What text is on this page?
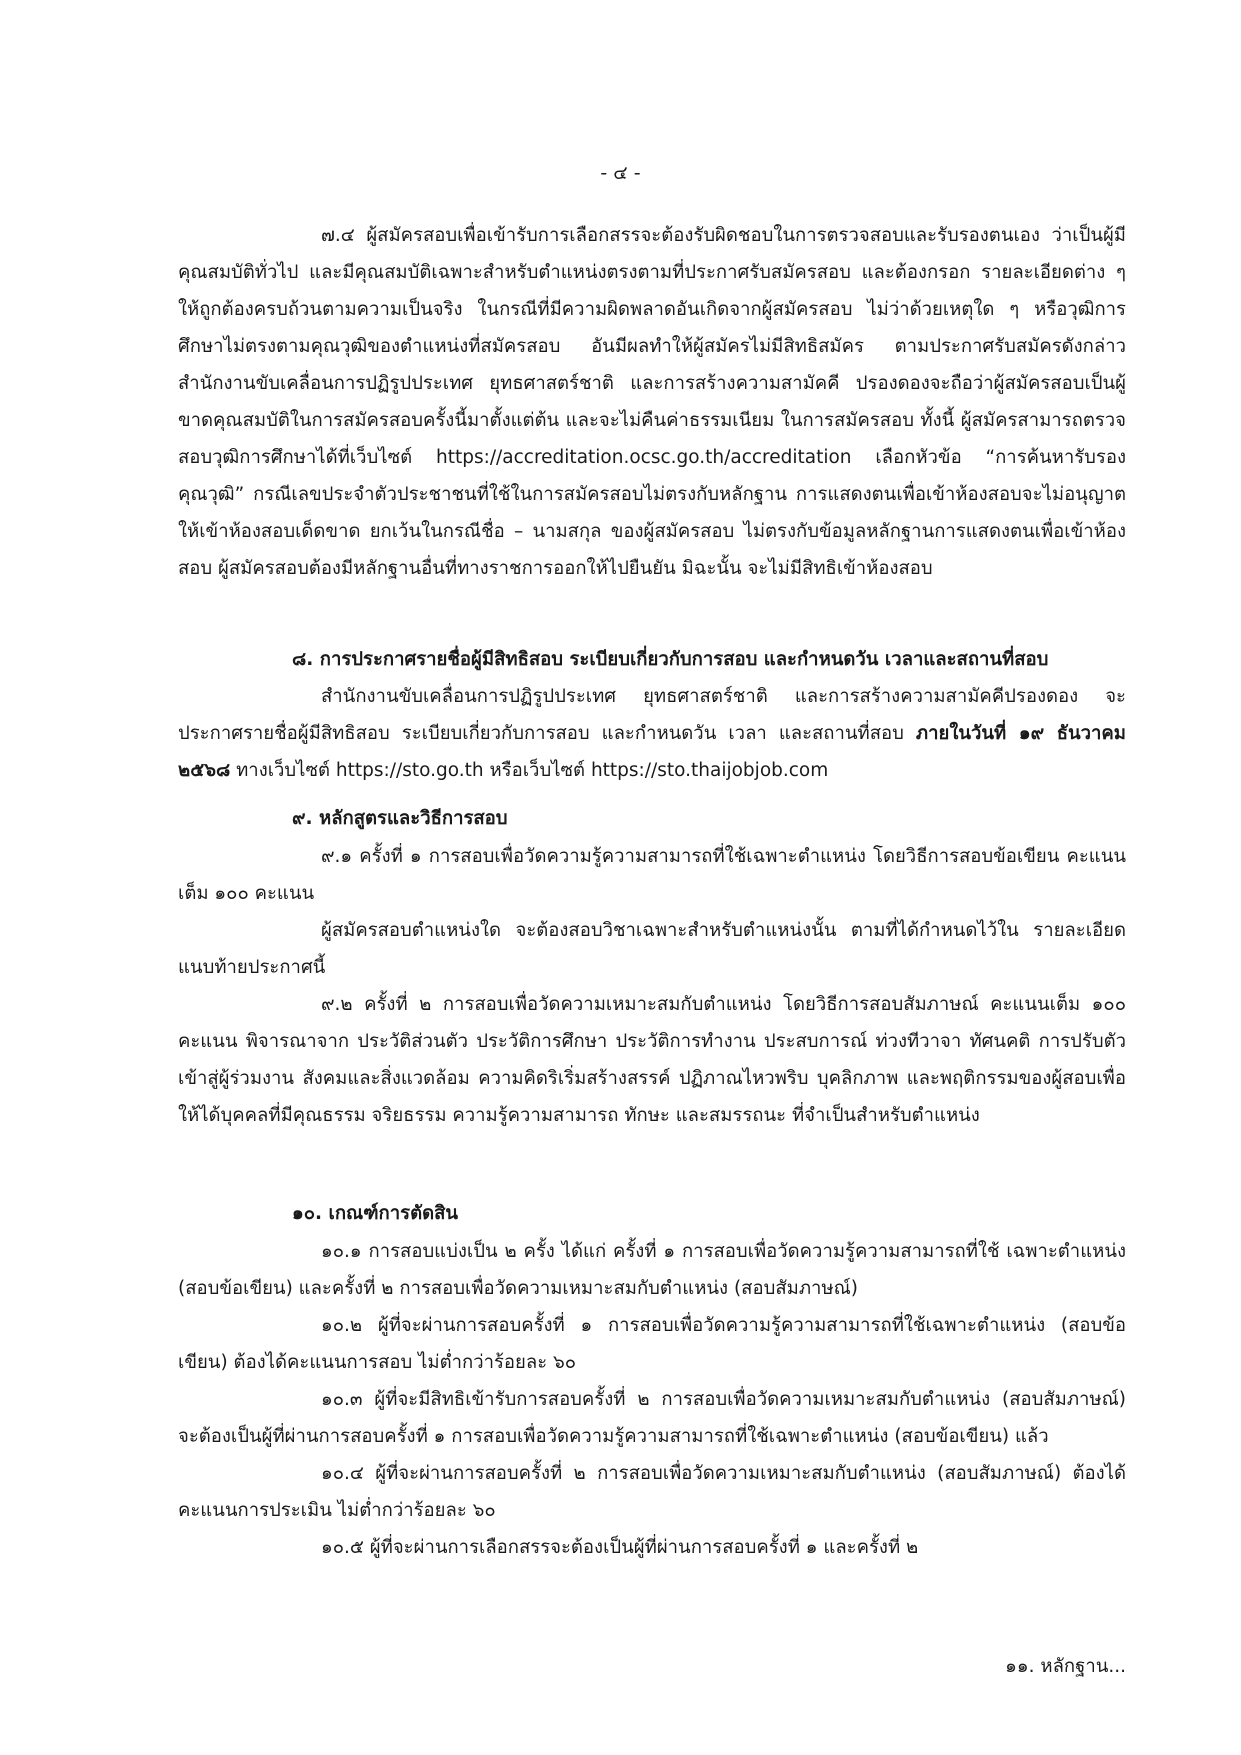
- ๔ -

๗.๔ ผู้สมัครสอบเพื่อเข้ารับการเลือกสรรจะต้องรับผิดชอบในการตรวจสอบและรับรองตนเอง ว่าเป็นผู้มีคุณสมบัติทั่วไป และมีคุณสมบัติเฉพาะสำหรับตำแหน่งตรงตามที่ประกาศรับสมัครสอบ และต้องกรอก รายละเอียดต่าง ๆ ให้ถูกต้องครบถ้วนตามความเป็นจริง ในกรณีที่มีความผิดพลาดอันเกิดจากผู้สมัครสอบ ไม่ว่าด้วยเหตุใด ๆ หรือวุฒิการศึกษาไม่ตรงตามคุณวุฒิของตำแหน่งที่สมัครสอบ อันมีผลทำให้ผู้สมัครไม่มีสิทธิสมัคร ตามประกาศรับสมัครดังกล่าว สำนักงานขับเคลื่อนการปฏิรูปประเทศ ยุทธศาสตร์ชาติ และการสร้างความสามัคคี ปรองดองจะถือว่าผู้สมัครสอบเป็นผู้ขาดคุณสมบัติในการสมัครสอบครั้งนี้มาตั้งแต่ต้น และจะไม่คืนค่าธรรมเนียม ในการสมัครสอบ ทั้งนี้ ผู้สมัครสามารถตรวจสอบวุฒิการศึกษาได้ที่เว็บไซต์ https://accreditation.ocsc.go.th/accreditation เลือกหัวข้อ “การค้นหารับรองคุณวุฒิ” กรณีเลขประจำตัวประชาชนที่ใช้ในการสมัครสอบไม่ตรงกับหลักฐาน การแสดงตนเพื่อเข้าห้องสอบจะไม่อนุญาตให้เข้าห้องสอบเด็ดขาด ยกเว้นในกรณีชื่อ – นามสกุล ของผู้สมัครสอบ ไม่ตรงกับข้อมูลหลักฐานการแสดงตนเพื่อเข้าห้องสอบ ผู้สมัครสอบต้องมีหลักฐานอื่นที่ทางราชการออกให้ไปยืนยัน มิฉะนั้น จะไม่มีสิทธิเข้าห้องสอบ

๘. การประกาศรายชื่อผู้มีสิทธิสอบ ระเบียบเกี่ยวกับการสอบ และกำหนดวัน เวลาและสถานที่สอบ

สำนักงานขับเคลื่อนการปฏิรูปประเทศ ยุทธศาสตร์ชาติ และการสร้างความสามัคคีปรองดอง จะประกาศรายชื่อผู้มีสิทธิสอบ ระเบียบเกี่ยวกับการสอบ และกำหนดวัน เวลา และสถานที่สอบ ภายในวันที่ ๑๙ ธันวาคม ๒๕๖๘ ทางเว็บไซต์ https://sto.go.th หรือเว็บไซต์ https://sto.thaijobjob.com

๙. หลักสูตรและวิธีการสอบ

๙.๑ ครั้งที่ ๑ การสอบเพื่อวัดความรู้ความสามารถที่ใช้เฉพาะตำแหน่ง โดยวิธีการสอบข้อเขียน คะแนนเต็ม ๑๐๐ คะแนน

ผู้สมัครสอบตำแหน่งใด จะต้องสอบวิชาเฉพาะสำหรับตำแหน่งนั้น ตามที่ได้กำหนดไว้ใน รายละเอียดแนบท้ายประกาศนี้

๙.๒ ครั้งที่ ๒ การสอบเพื่อวัดความเหมาะสมกับตำแหน่ง โดยวิธีการสอบสัมภาษณ์ คะแนนเต็ม ๑๐๐ คะแนน พิจารณาจาก ประวัติส่วนตัว ประวัติการศึกษา ประวัติการทำงาน ประสบการณ์ ท่วงทีวาจา ทัศนคติ การปรับตัวเข้าสู่ผู้ร่วมงาน สังคมและสิ่งแวดล้อม ความคิดริเริ่มสร้างสรรค์ ปฏิภาณไหวพริบ บุคลิกภาพ และพฤติกรรมของผู้สอบเพื่อให้ได้บุคคลที่มีคุณธรรม จริยธรรม ความรู้ความสามารถ ทักษะ และสมรรถนะ ที่จำเป็นสำหรับตำแหน่ง

๑๐. เกณฑ์การตัดสิน

๑๐.๑ การสอบแบ่งเป็น ๒ ครั้ง ได้แก่ ครั้งที่ ๑ การสอบเพื่อวัดความรู้ความสามารถที่ใช้ เฉพาะตำแหน่ง (สอบข้อเขียน) และครั้งที่ ๒ การสอบเพื่อวัดความเหมาะสมกับตำแหน่ง (สอบสัมภาษณ์)

๑๐.๒ ผู้ที่จะผ่านการสอบครั้งที่ ๑ การสอบเพื่อวัดความรู้ความสามารถที่ใช้เฉพาะตำแหน่ง (สอบข้อเขียน) ต้องได้คะแนนการสอบ ไม่ต่ำกว่าร้อยละ ๖๐

๑๐.๓ ผู้ที่จะมีสิทธิเข้ารับการสอบครั้งที่ ๒ การสอบเพื่อวัดความเหมาะสมกับตำแหน่ง (สอบสัมภาษณ์) จะต้องเป็นผู้ที่ผ่านการสอบครั้งที่ ๑ การสอบเพื่อวัดความรู้ความสามารถที่ใช้เฉพาะตำแหน่ง (สอบข้อเขียน) แล้ว

๑๐.๔ ผู้ที่จะผ่านการสอบครั้งที่ ๒ การสอบเพื่อวัดความเหมาะสมกับตำแหน่ง (สอบสัมภาษณ์) ต้องได้คะแนนการประเมิน ไม่ต่ำกว่าร้อยละ ๖๐

๑๐.๕ ผู้ที่จะผ่านการเลือกสรรจะต้องเป็นผู้ที่ผ่านการสอบครั้งที่ ๑ และครั้งที่ ๒

๑๑. หลักฐาน...
